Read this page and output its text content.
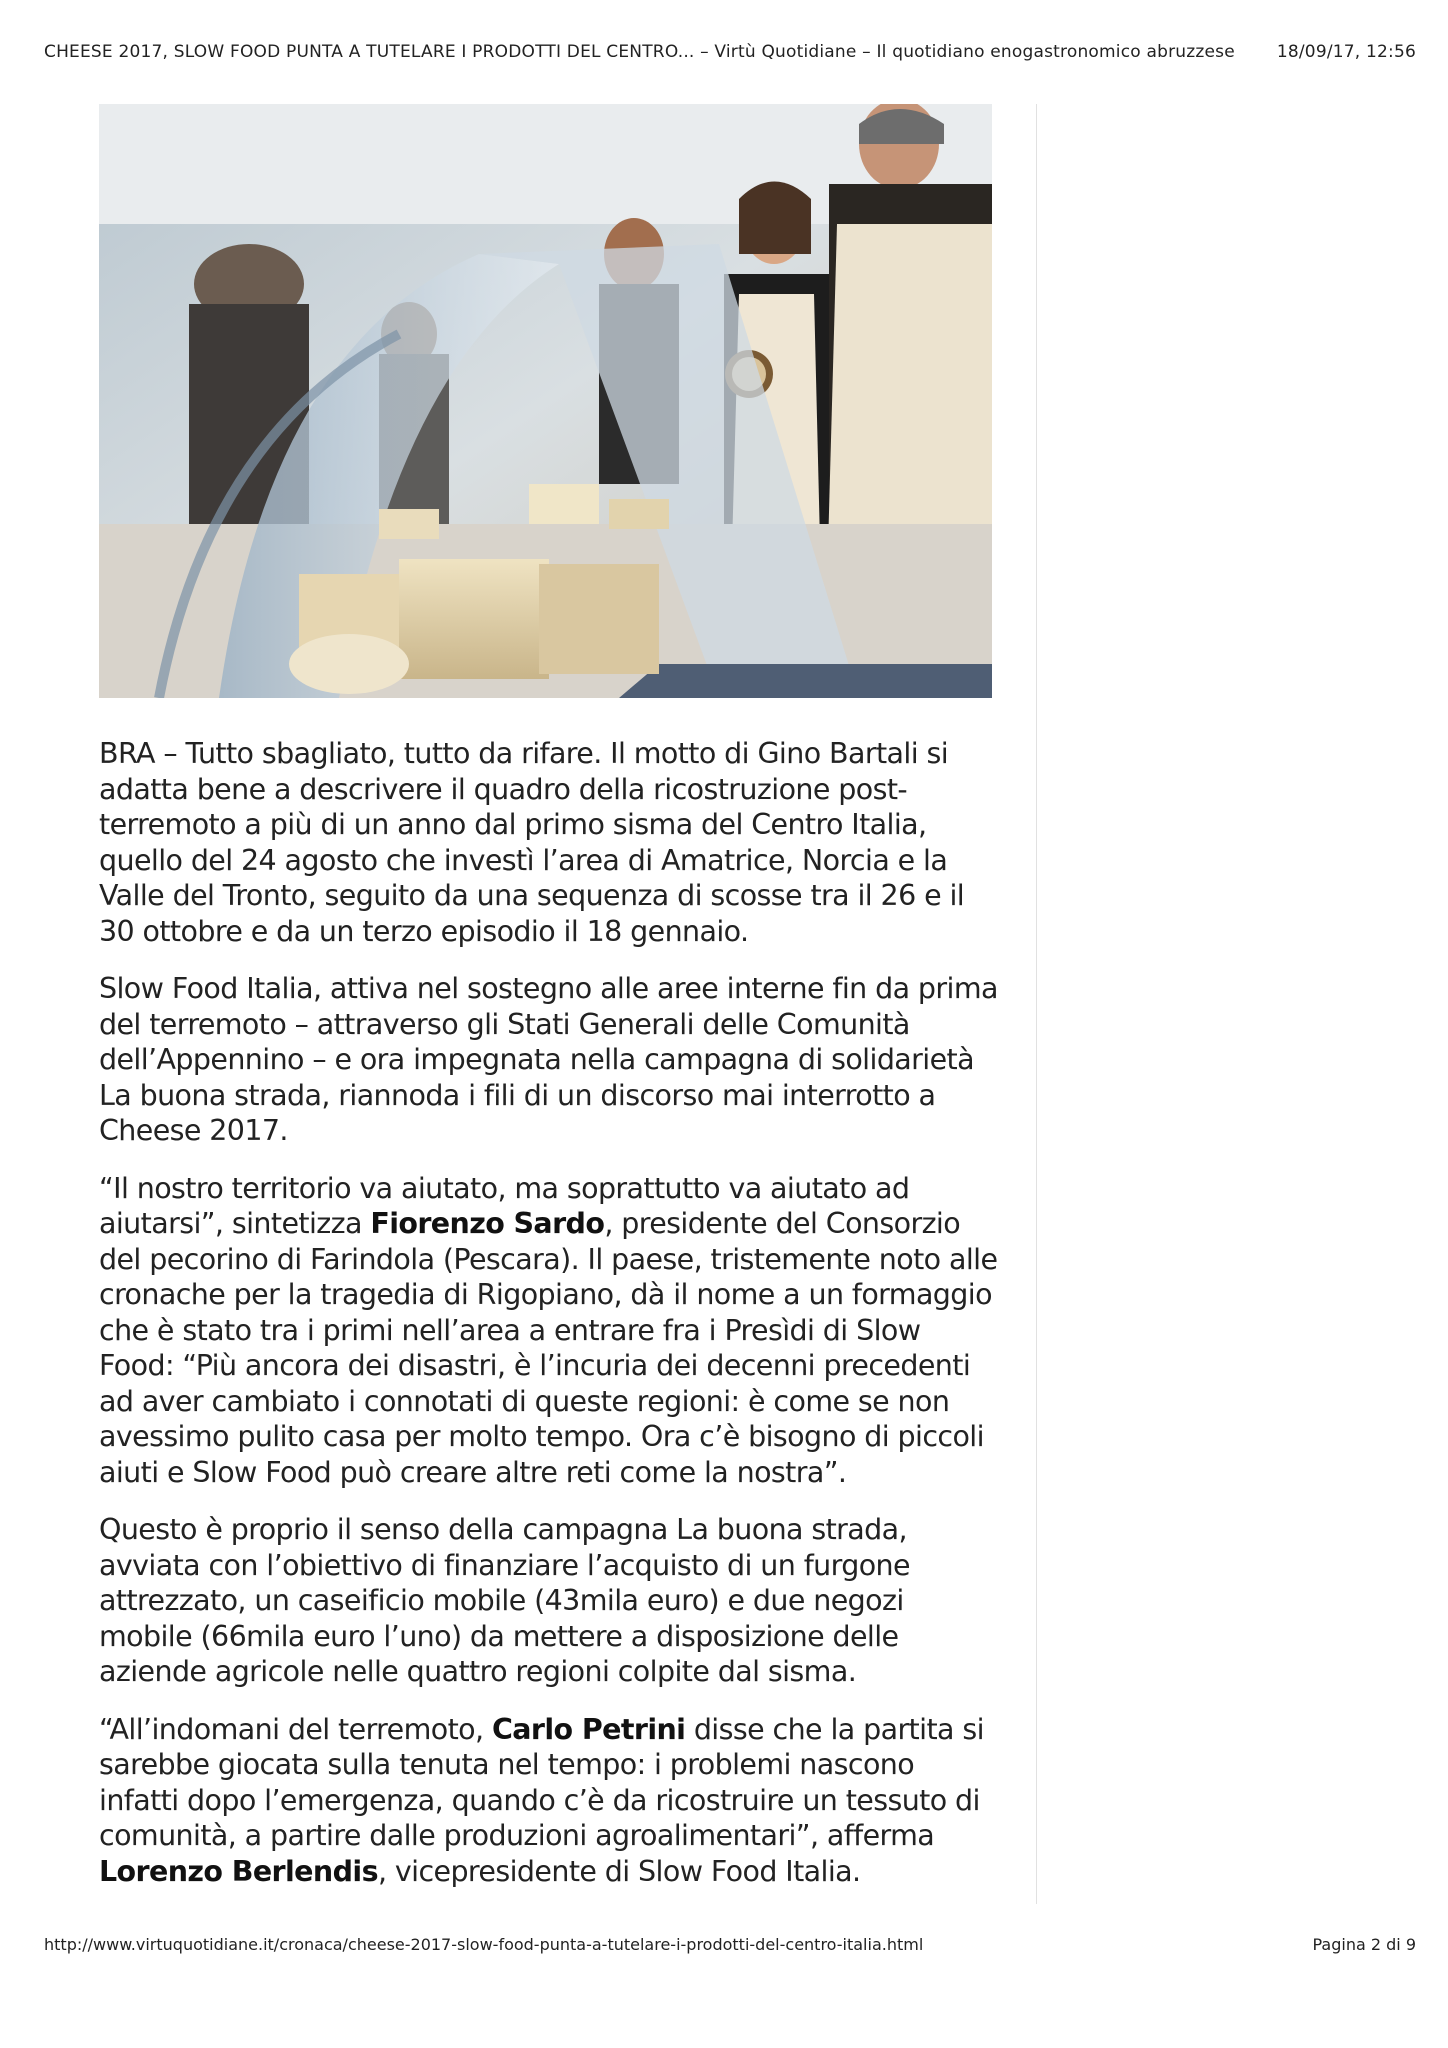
CHEESE 2017, SLOW FOOD PUNTA A TUTELARE I PRODOTTI DEL CENTRO... – Virtù Quotidiane – Il quotidiano enogastronomico abruzzese 18/09/17, 12:56

BRA – Tutto sbagliato, tutto da rifare. Il motto di Gino Bartali si adatta bene a descrivere il quadro della ricostruzione post-terremoto a più di un anno dal primo sisma del Centro Italia, quello del 24 agosto che investì l’area di Amatrice, Norcia e la Valle del Tronto, seguito da una sequenza di scosse tra il 26 e il 30 ottobre e da un terzo episodio il 18 gennaio.

Slow Food Italia, attiva nel sostegno alle aree interne fin da prima del terremoto – attraverso gli Stati Generali delle Comunità dell’Appennino – e ora impegnata nella campagna di solidarietà La buona strada, riannoda i fili di un discorso mai interrotto a Cheese 2017.

“Il nostro territorio va aiutato, ma soprattutto va aiutato ad aiutarsi”, sintetizza Fiorenzo Sardo, presidente del Consorzio del pecorino di Farindola (Pescara). Il paese, tristemente noto alle cronache per la tragedia di Rigopiano, dà il nome a un formaggio che è stato tra i primi nell’area a entrare fra i Presìdi di Slow Food: “Più ancora dei disastri, è l’incuria dei decenni precedenti ad aver cambiato i connotati di queste regioni: è come se non avessimo pulito casa per molto tempo. Ora c’è bisogno di piccoli aiuti e Slow Food può creare altre reti come la nostra”.

Questo è proprio il senso della campagna La buona strada, avviata con l’obiettivo di finanziare l’acquisto di un furgone attrezzato, un caseificio mobile (43mila euro) e due negozi mobile (66mila euro l’uno) da mettere a disposizione delle aziende agricole nelle quattro regioni colpite dal sisma.

“All’indomani del terremoto, Carlo Petrini disse che la partita si sarebbe giocata sulla tenuta nel tempo: i problemi nascono infatti dopo l’emergenza, quando c’è da ricostruire un tessuto di comunità, a partire dalle produzioni agroalimentari”, afferma Lorenzo Berlendis, vicepresidente di Slow Food Italia.

http://www.virtuquotidiane.it/cronaca/cheese-2017-slow-food-punta-a-tutelare-i-prodotti-del-centro-italia.html	Pagina 2 di 9
